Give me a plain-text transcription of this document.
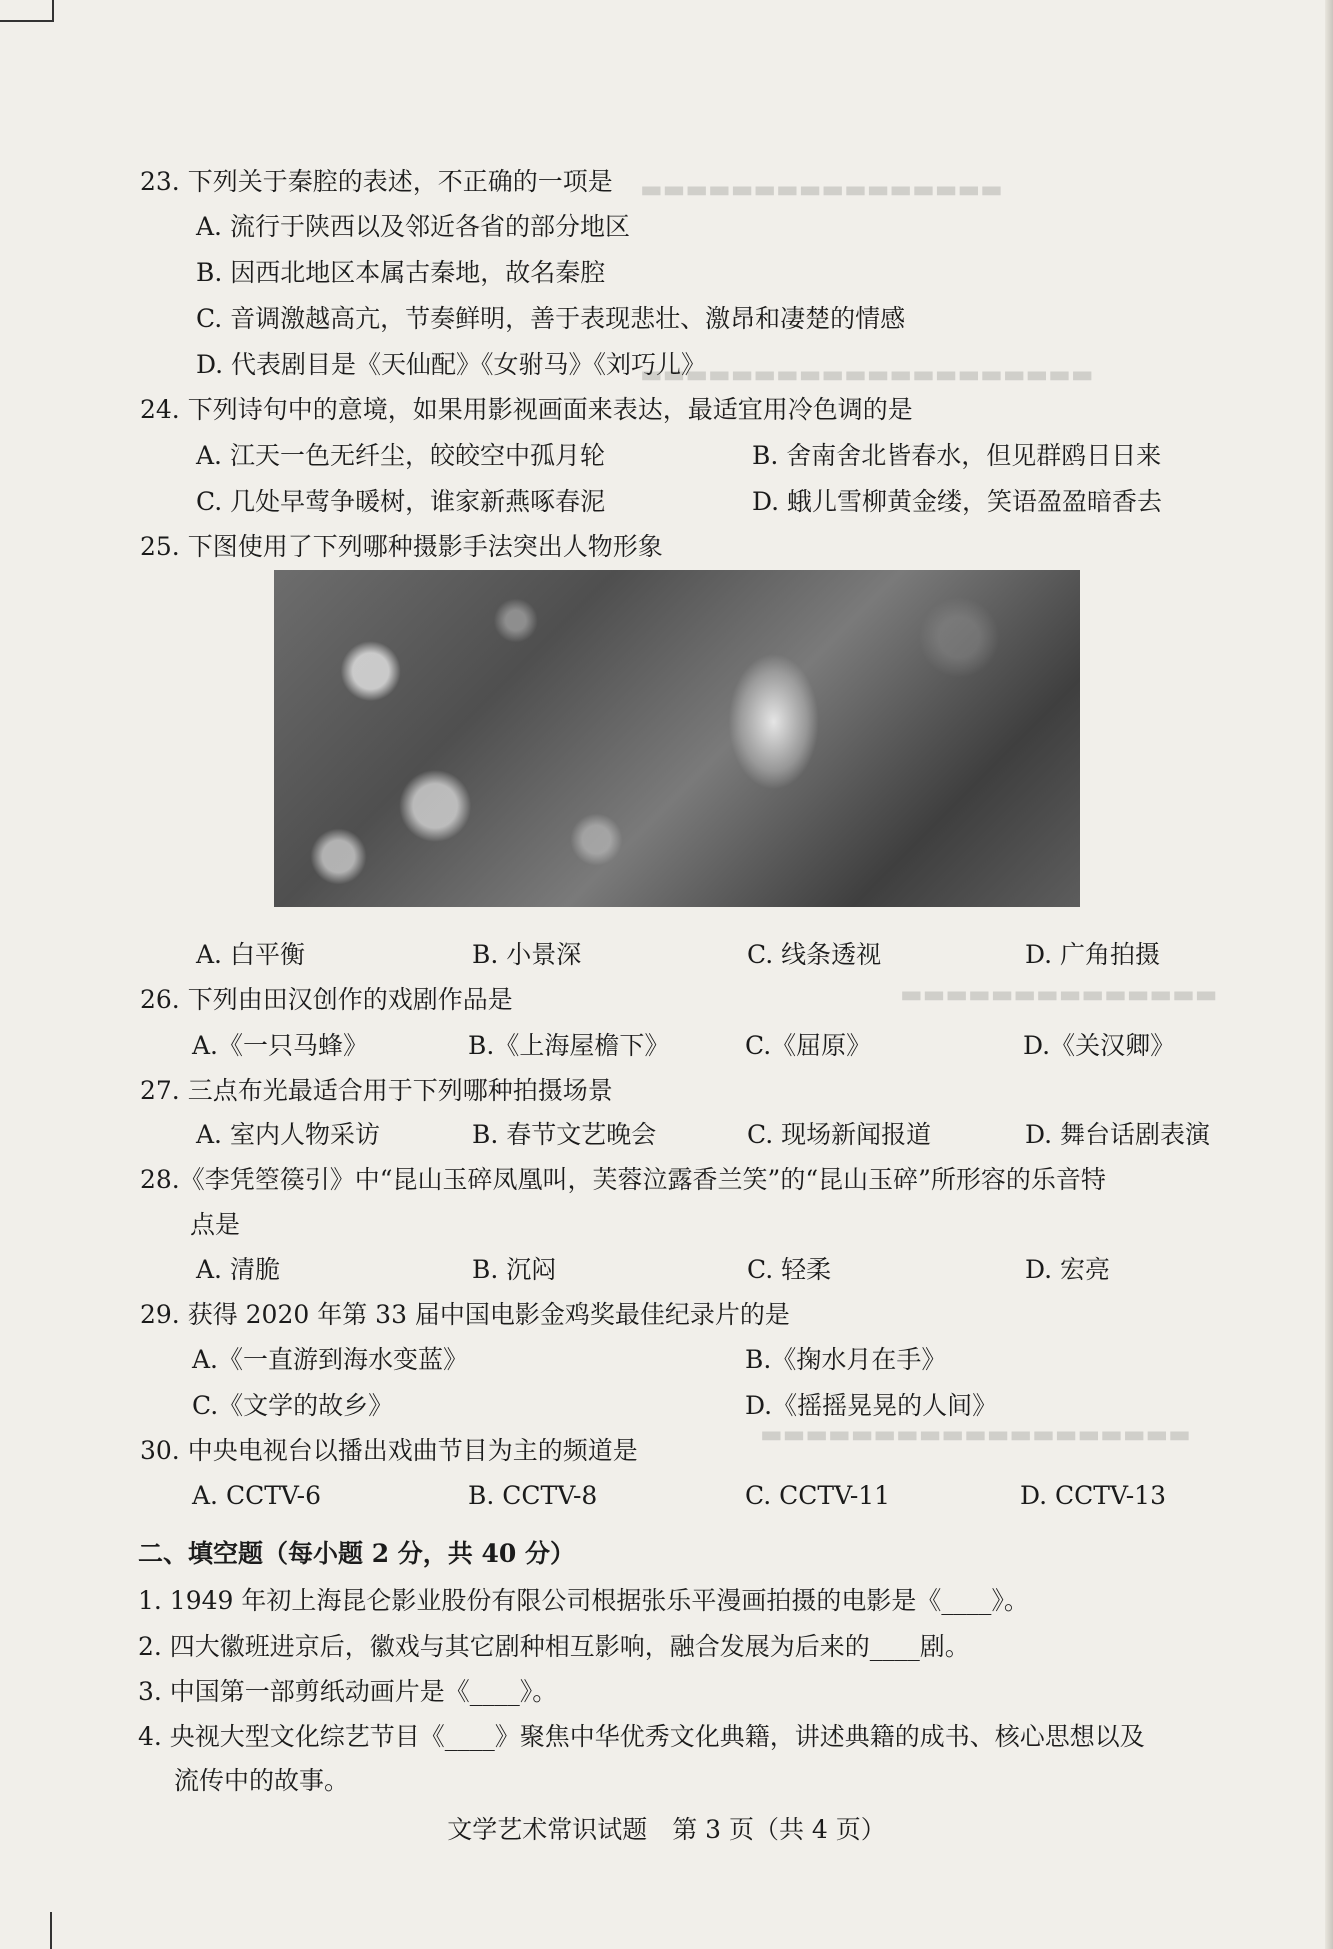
▬▬▬▬▬▬▬▬▬▬▬▬▬▬▬▬
▬▬▬▬▬▬▬▬▬▬▬▬▬▬▬▬▬▬▬▬
▬▬▬▬▬▬▬▬▬▬▬▬▬▬
▬▬▬▬▬▬▬▬▬▬▬▬▬▬▬▬▬▬▬
23. 下列关于秦腔的表述，不正确的一项是
A. 流行于陕西以及邻近各省的部分地区
B. 因西北地区本属古秦地，故名秦腔
C. 音调激越高亢，节奏鲜明，善于表现悲壮、激昂和凄楚的情感
D. 代表剧目是《天仙配》《女驸马》《刘巧儿》
24. 下列诗句中的意境，如果用影视画面来表达，最适宜用冷色调的是
A. 江天一色无纤尘，皎皎空中孤月轮	B. 舍南舍北皆春水，但见群鸥日日来
C. 几处早莺争暖树，谁家新燕啄春泥	D. 蛾儿雪柳黄金缕，笑语盈盈暗香去
25. 下图使用了下列哪种摄影手法突出人物形象
A. 白平衡	B. 小景深	C. 线条透视	D. 广角拍摄
26. 下列由田汉创作的戏剧作品是
A.《一只马蜂》	B.《上海屋檐下》	C.《屈原》	D.《关汉卿》
27. 三点布光最适合用于下列哪种拍摄场景
A. 室内人物采访	B. 春节文艺晚会	C. 现场新闻报道	D. 舞台话剧表演
28.《李凭箜篌引》中“昆山玉碎凤凰叫，芙蓉泣露香兰笑”的“昆山玉碎”所形容的乐音特
点是
A. 清脆	B. 沉闷	C. 轻柔	D. 宏亮
29. 获得 2020 年第 33 届中国电影金鸡奖最佳纪录片的是
A.《一直游到海水变蓝》	B.《掬水月在手》
C.《文学的故乡》	D.《摇摇晃晃的人间》
30. 中央电视台以播出戏曲节目为主的频道是
A. CCTV-6	B. CCTV-8	C. CCTV-11	D. CCTV-13
二、填空题（每小题 2 分，共 40 分）
1. 1949 年初上海昆仑影业股份有限公司根据张乐平漫画拍摄的电影是《____》。
2. 四大徽班进京后，徽戏与其它剧种相互影响，融合发展为后来的____剧。
3. 中国第一部剪纸动画片是《____》。
4. 央视大型文化综艺节目《____》聚焦中华优秀文化典籍，讲述典籍的成书、核心思想以及
流传中的故事。
文学艺术常识试题　第 3 页（共 4 页）
